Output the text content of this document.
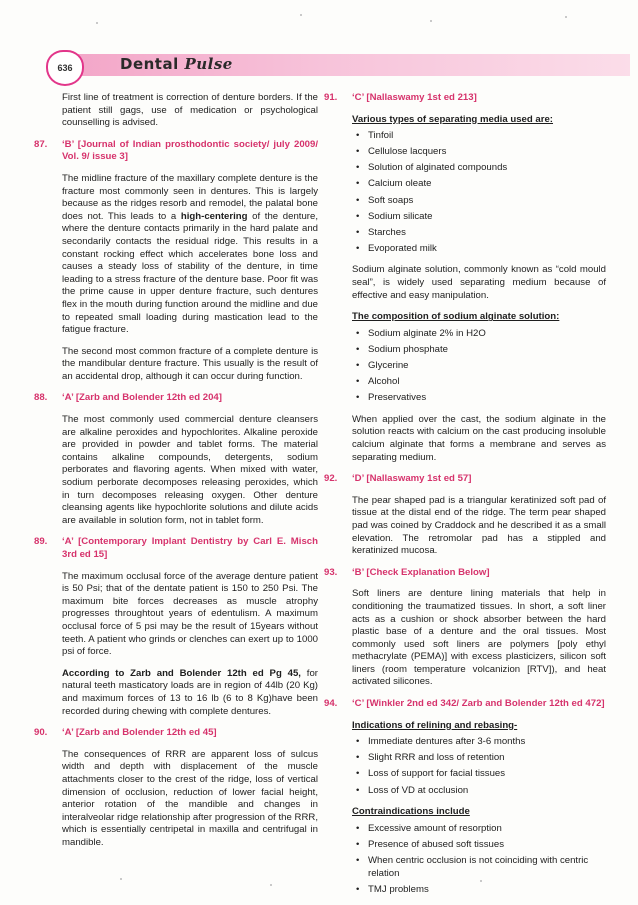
636	Dental Pulse

First line of treatment is correction of denture borders. If the patient still gags, use of medication or psychological counselling is advised.

87.	‘B’ [Journal of Indian prosthodontic society/ july 2009/ Vol. 9/ issue 3]

The midline fracture of the maxillary complete denture is the fracture most commonly seen in dentures. This is largely because as the ridges resorb and remodel, the palatal bone does not. This leads to a high-centering of the denture, where the denture contacts primarily in the hard palate and secondarily contacts the residual ridge. This results in a constant rocking effect which accelerates bone loss and causes a steady loss of stability of the denture, in time leading to a stress fracture of the denture base. Poor fit was the prime cause in upper denture fracture, such dentures flex in the mouth during function around the midline and due to repeated small loading during mastication lead to the fatigue fracture.

The second most common fracture of a complete denture is the mandibular denture fracture. This usually is the result of an accidental drop, although it can occur during function.

88.	‘A’ [Zarb and Bolender 12th ed 204]

The most commonly used commercial denture cleansers are alkaline peroxides and hypochlorites. Alkaline peroxide are provided in powder and tablet forms. The material contains alkaline compounds, detergents, sodium perborates and flavoring agents. When mixed with water, sodium perborate decomposes releasing peroxides, which in turn decomposes releasing oxygen. Other denture cleansing agents like hypochlorite solutions and dilute acids are available in solution form, not in tablet form.

89.	‘A’ [Contemporary Implant Dentistry by Carl E. Misch 3rd ed 15]

The maximum occlusal force of the average denture patient is 50 Psi; that of the dentate patient is 150 to 250 Psi. The maximum bite forces decreases as muscle atrophy progresses throughtout years of edentulism. A maximum occlusal force of 5 psi may be the result of 15years without teeth. A patient who grinds or clenches can exert up to 1000 psi of force.

According to Zarb and Bolender 12th ed Pg 45, for natural teeth masticatory loads are in region of 44lb (20 Kg) and maximum forces of 13 to 16 lb (6 to 8 Kg)have been recorded during chewing with complete dentures.

90.	‘A’ [Zarb and Bolender 12th ed 45]

The consequences of RRR are apparent loss of sulcus width and depth with displacement of the muscle attachments closer to the crest of the ridge, loss of vertical dimension of occlusion, reduction of lower facial height, anterior rotation of the mandible and changes in interalveolar ridge relationship after progression of the RRR, which is essentially centripetal in maxilla and centrifugal in mandible.

91.	‘C’ [Nallaswamy 1st ed 213]

Various types of separating media used are:
• Tinfoil
• Cellulose lacquers
• Solution of alginated compounds
• Calcium oleate
• Soft soaps
• Sodium silicate
• Starches
• Evoporated milk

Sodium alginate solution, commonly known as “cold mould seal”, is widely used separating medium because of effective and easy manipulation.

The composition of sodium alginate solution:
• Sodium alginate 2% in H2O
• Sodium phosphate
• Glycerine
• Alcohol
• Preservatives

When applied over the cast, the sodium alginate in the solution reacts with calcium on the cast producing insoluble calcium alginate that forms a membrane and serves as separating medium.

92.	‘D’ [Nallaswamy 1st ed 57]

The pear shaped pad is a triangular keratinized soft pad of tissue at the distal end of the ridge. The term pear shaped pad was coined by Craddock and he described it as a small elevation. The retromolar pad has a stippled and keratinized mucosa.

93.	‘B’ [Check Explanation Below]

Soft liners are denture lining materials that help in conditioning the traumatized tissues. In short, a soft liner acts as a cushion or shock absorber between the hard plastic base of a denture and the oral tissues. Most commonly used soft liners are polymers [poly ethyl methacrylate (PEMA)] with excess plasticizers, silicon soft liners (room temperature volcanizion [RTV]), and heat activated silicones.

94.	‘C’ [Winkler 2nd ed 342/ Zarb and Bolender 12th ed 472]

Indications of relining and rebasing-
• Immediate dentures after 3-6 months
• Slight RRR and loss of retention
• Loss of support for facial tissues
• Loss of VD at occlusion
Contraindications include
• Excessive amount of resorption
• Presence of abused soft tissues
• When centric occlusion is not coinciding with centric relation
• TMJ problems
